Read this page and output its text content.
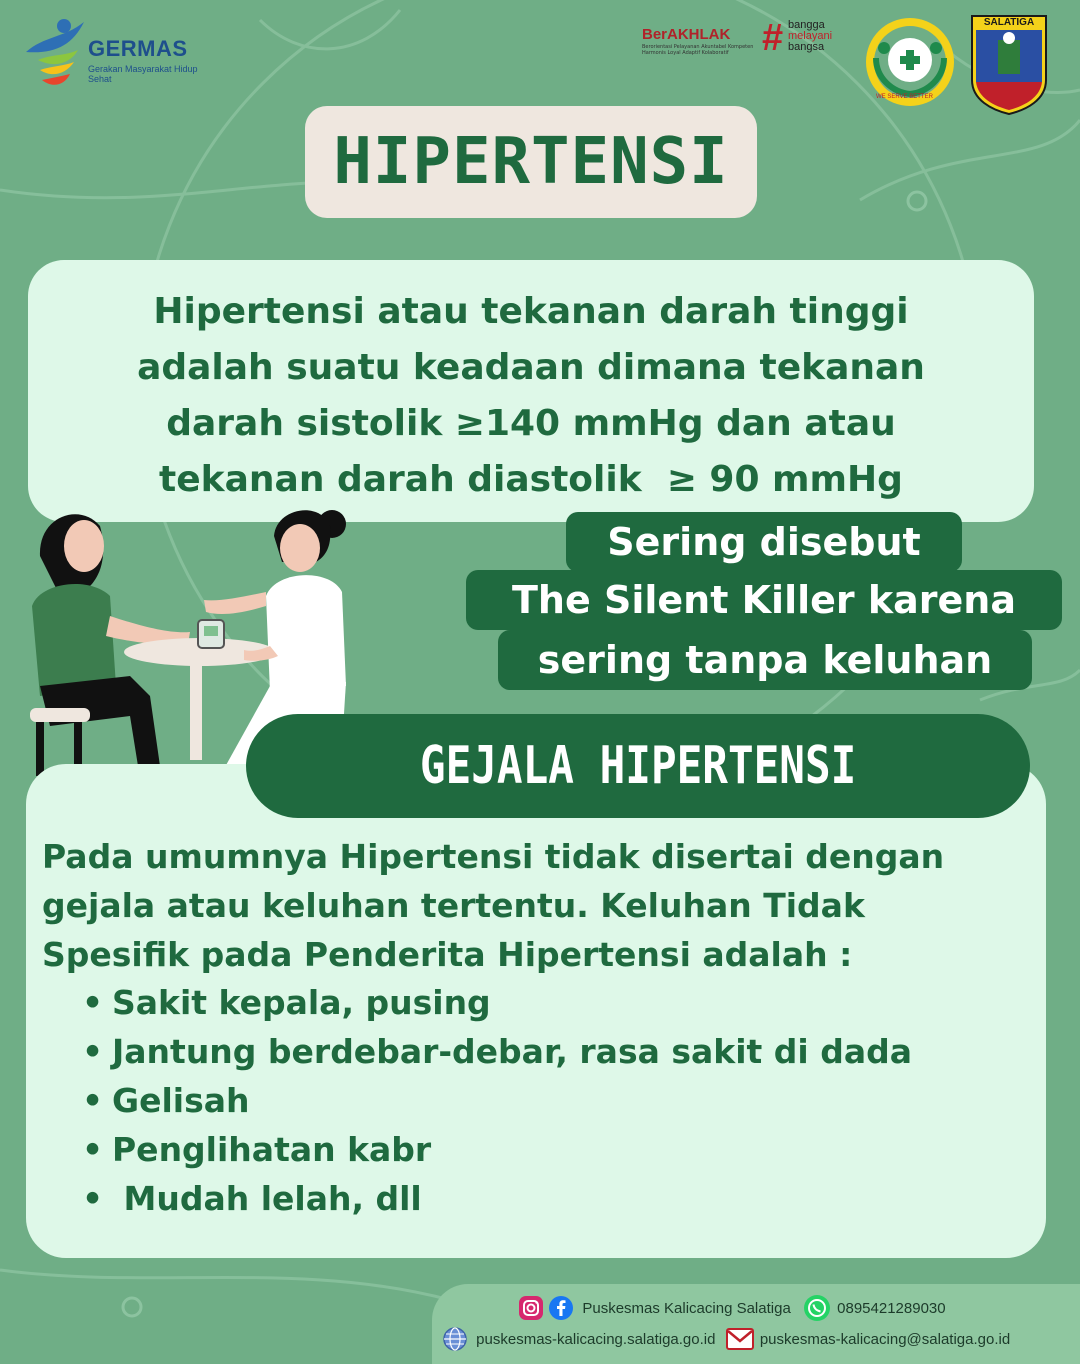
GERMAS
Gerakan Masyarakat Hidup Sehat
BerAKHLAK
Berorientasi Pelayanan Akuntabel Kompeten Harmonis Loyal Adaptif Kolaboratif # bangga
melayani
bangsa
WE SERVE BETTER
SALATIGA
HIPERTENSI
Hipertensi atau tekanan darah tinggi
adalah suatu keadaan dimana tekanan
darah sistolik ≥140 mmHg dan atau
tekanan darah diastolik  ≥ 90 mmHg
Sering disebut
The Silent Killer karena
sering tanpa keluhan
GEJALA HIPERTENSI
Pada umumnya Hipertensi tidak disertai dengan
gejala atau keluhan tertentu. Keluhan Tidak
Spesifik pada Penderita Hipertensi adalah :
• Sakit kepala, pusing
• Jantung berdebar-debar, rasa sakit di dada
• Gelisah
• Penglihatan kabr
• Mudah lelah, dll
Puskesmas Kalicacing Salatiga	0895421289030
puskesmas-kalicacing.salatiga.go.id	puskesmas-kalicacing@salatiga.go.id
